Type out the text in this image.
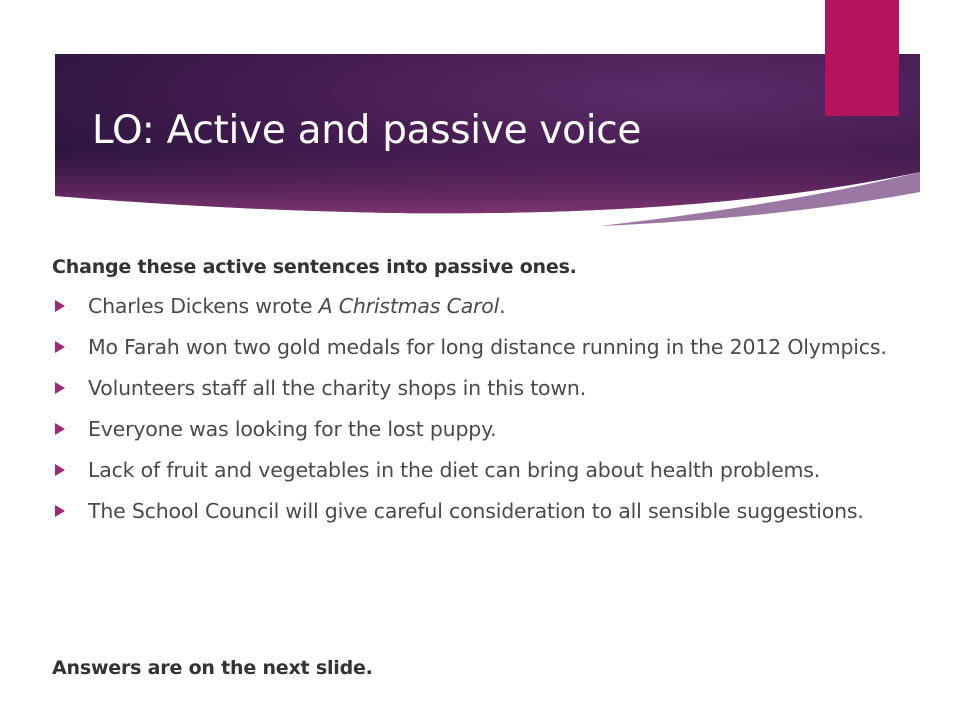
LO: Active and passive voice

Change these active sentences into passive ones.

Charles Dickens wrote A Christmas Carol.
Mo Farah won two gold medals for long distance running in the 2012 Olympics.
Volunteers staff all the charity shops in this town.
Everyone was looking for the lost puppy.
Lack of fruit and vegetables in the diet can bring about health problems.
The School Council will give careful consideration to all sensible suggestions.
Answers are on the next slide.
